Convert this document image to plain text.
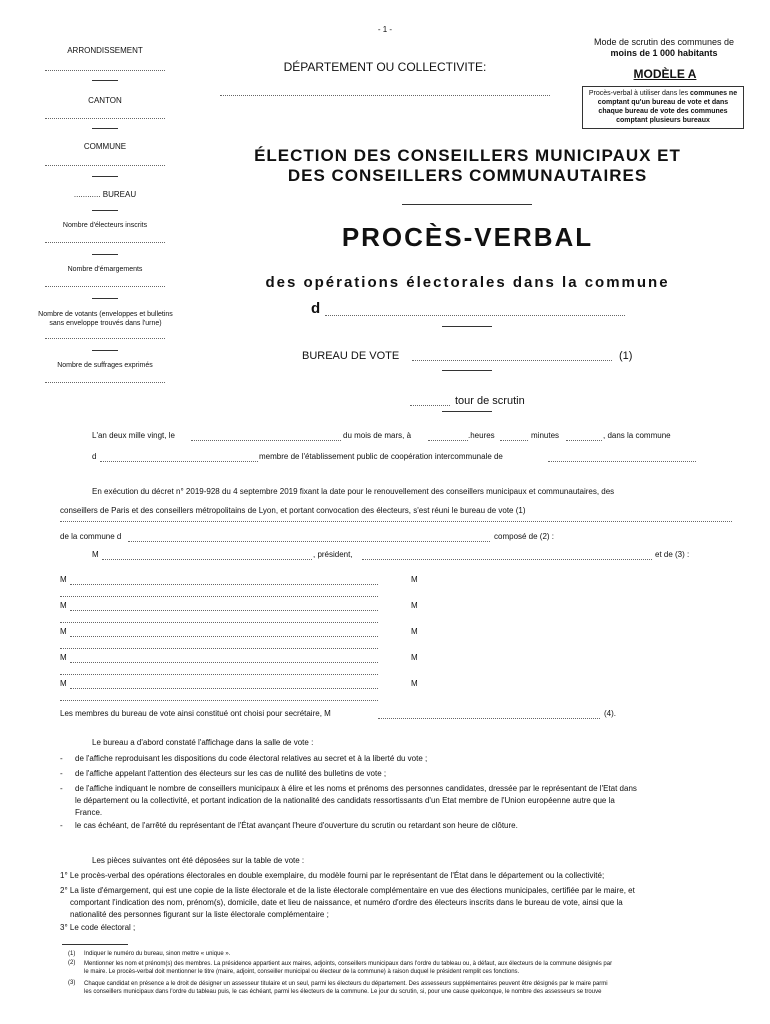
- 1 -
ARRONDISSEMENT
CANTON
COMMUNE
............ BUREAU
Nombre d'électeurs inscrits
Nombre d'émargements
Nombre de votants (enveloppes et bulletins
sans enveloppe trouvés dans l'urne)
Nombre de suffrages exprimés
DÉPARTEMENT OU COLLECTIVITE:
Mode de scrutin des communes de
moins de 1 000 habitants
MODÈLE A
Procès-verbal à utiliser dans les communes ne
comptant qu'un bureau de vote et dans
chaque bureau de vote des communes
comptant plusieurs bureaux
ÉLECTION DES CONSEILLERS MUNICIPAUX ET
DES CONSEILLERS COMMUNAUTAIRES
PROCÈS-VERBAL
des opérations électorales dans la commune
d
BUREAU DE VOTE	(1)
tour de scrutin
L'an deux mille vingt, le	du mois de mars, à	.heures	minutes	, dans la commune
d	membre de l'établissement public de coopération intercommunale de
En exécution du décret n° 2019-928 du 4 septembre 2019 fixant la date pour le renouvellement des conseillers municipaux et communautaires, des
conseillers de Paris et des conseillers métropolitains de Lyon, et portant convocation des électeurs, s'est réuni le bureau de vote (1)
de la commune d	composé de (2) :
M	, président,	et de (3) :
M	M
M	M
M	M
M	M
M	M
Les membres du bureau de vote ainsi constitué ont choisi pour secrétaire, M	(4).
Le bureau a d'abord constaté l'affichage dans la salle de vote :
- de l'affiche reproduisant les dispositions du code électoral relatives au secret et à la liberté du vote ;
- de l'affiche appelant l'attention des électeurs sur les cas de nullité des bulletins de vote ;
- de l'affiche indiquant le nombre de conseillers municipaux à élire et les noms et prénoms des personnes candidates, dressée par le représentant de l'Etat dans
le département ou la collectivité, et portant indication de la nationalité des candidats ressortissants d'un Etat membre de l'Union européenne autre que la
France.
- le cas échéant, de l'arrêté du représentant de l'État avançant l'heure d'ouverture du scrutin ou retardant son heure de clôture.
Les pièces suivantes ont été déposées sur la table de vote :
1° Le procès-verbal des opérations électorales en double exemplaire, du modèle fourni par le représentant de l'État dans le département ou la collectivité;
2° La liste d'émargement, qui est une copie de la liste électorale et de la liste électorale complémentaire en vue des élections municipales, certifiée par le maire, et
comportant l'indication des nom, prénom(s), domicile, date et lieu de naissance, et numéro d'ordre des électeurs inscrits dans le bureau de vote, ainsi que la
nationalité des personnes figurant sur la liste électorale complémentaire ;
3° Le code électoral ;
(1) Indiquer le numéro du bureau, sinon mettre « unique ».
(2) Mentionner les nom et prénom(s) des membres. La présidence appartient aux maires, adjoints, conseillers municipaux dans l'ordre du tableau ou, à défaut, aux électeurs de la commune désignés par
le maire. Le procès-verbal doit mentionner le titre (maire, adjoint, conseiller municipal ou électeur de la commune) à raison duquel le président remplit ces fonctions.
(3) Chaque candidat en présence a le droit de désigner un assesseur titulaire et un seul, parmi les électeurs du département. Des assesseurs supplémentaires peuvent être désignés par le maire parmi
les conseillers municipaux dans l'ordre du tableau puis, le cas échéant, parmi les électeurs de la commune. Le jour du scrutin, si, pour une cause quelconque, le nombre des assesseurs se trouve
